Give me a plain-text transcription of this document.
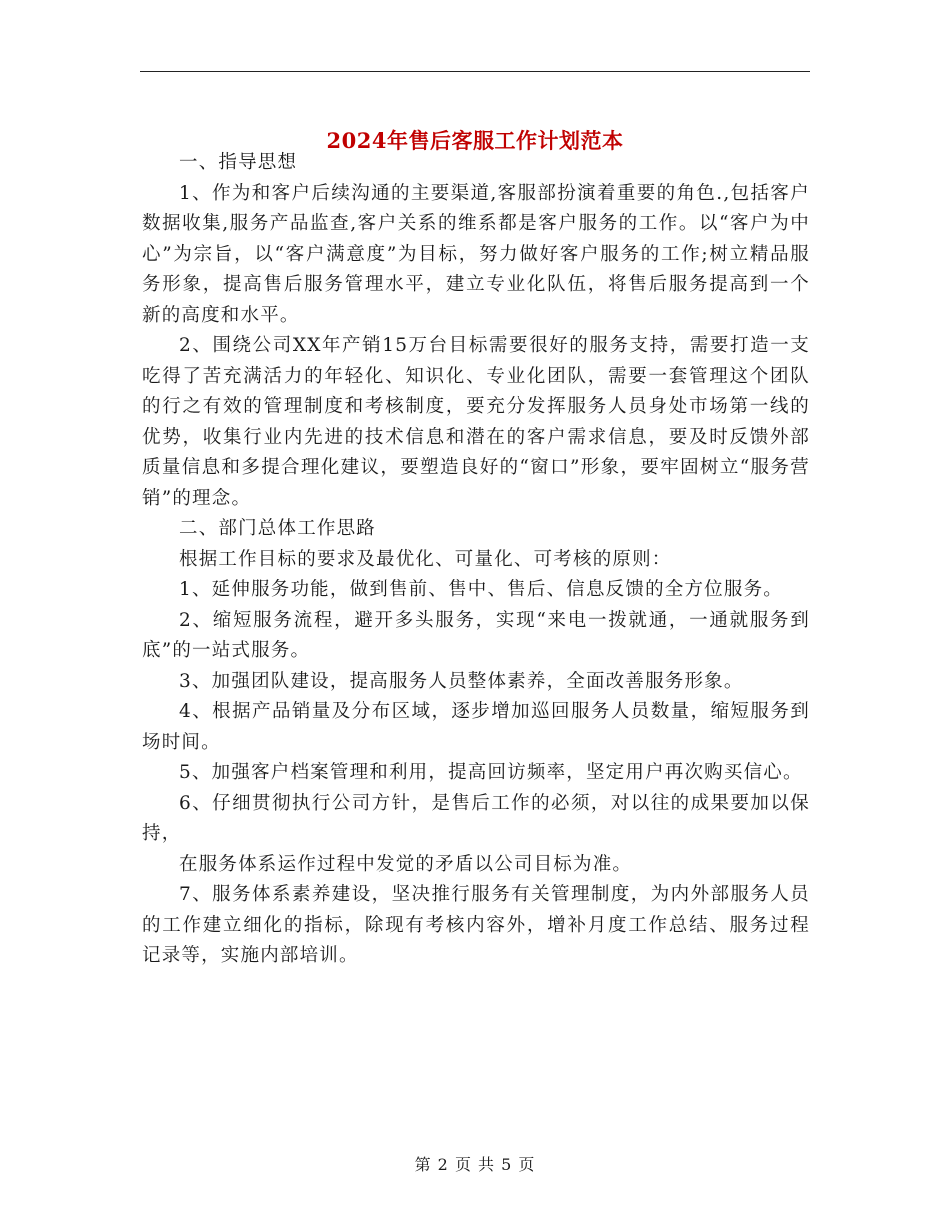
2024年售后客服工作计划范本

一、指导思想

1、作为和客户后续沟通的主要渠道,客服部扮演着重要的角色.,包括客户数据收集,服务产品监查,客户关系的维系都是客户服务的工作。以“客户为中心”为宗旨，以“客户满意度”为目标，努力做好客户服务的工作;树立精品服务形象，提高售后服务管理水平，建立专业化队伍，将售后服务提高到一个新的高度和水平。

2、围绕公司XX年产销15万台目标需要很好的服务支持，需要打造一支吃得了苦充满活力的年轻化、知识化、专业化团队，需要一套管理这个团队的行之有效的管理制度和考核制度，要充分发挥服务人员身处市场第一线的优势，收集行业内先进的技术信息和潜在的客户需求信息，要及时反馈外部质量信息和多提合理化建议，要塑造良好的“窗口”形象，要牢固树立“服务营销”的理念。

二、部门总体工作思路

根据工作目标的要求及最优化、可量化、可考核的原则：

1、延伸服务功能，做到售前、售中、售后、信息反馈的全方位服务。

2、缩短服务流程，避开多头服务，实现“来电一拨就通，一通就服务到底”的一站式服务。

3、加强团队建设，提高服务人员整体素养，全面改善服务形象。

4、根据产品销量及分布区域，逐步增加巡回服务人员数量，缩短服务到场时间。

5、加强客户档案管理和利用，提高回访频率，坚定用户再次购买信心。

6、仔细贯彻执行公司方针，是售后工作的必须，对以往的成果要加以保持，

在服务体系运作过程中发觉的矛盾以公司目标为准。

7、服务体系素养建设，坚决推行服务有关管理制度，为内外部服务人员的工作建立细化的指标，除现有考核内容外，增补月度工作总结、服务过程记录等，实施内部培训。

第 2 页 共 5 页
